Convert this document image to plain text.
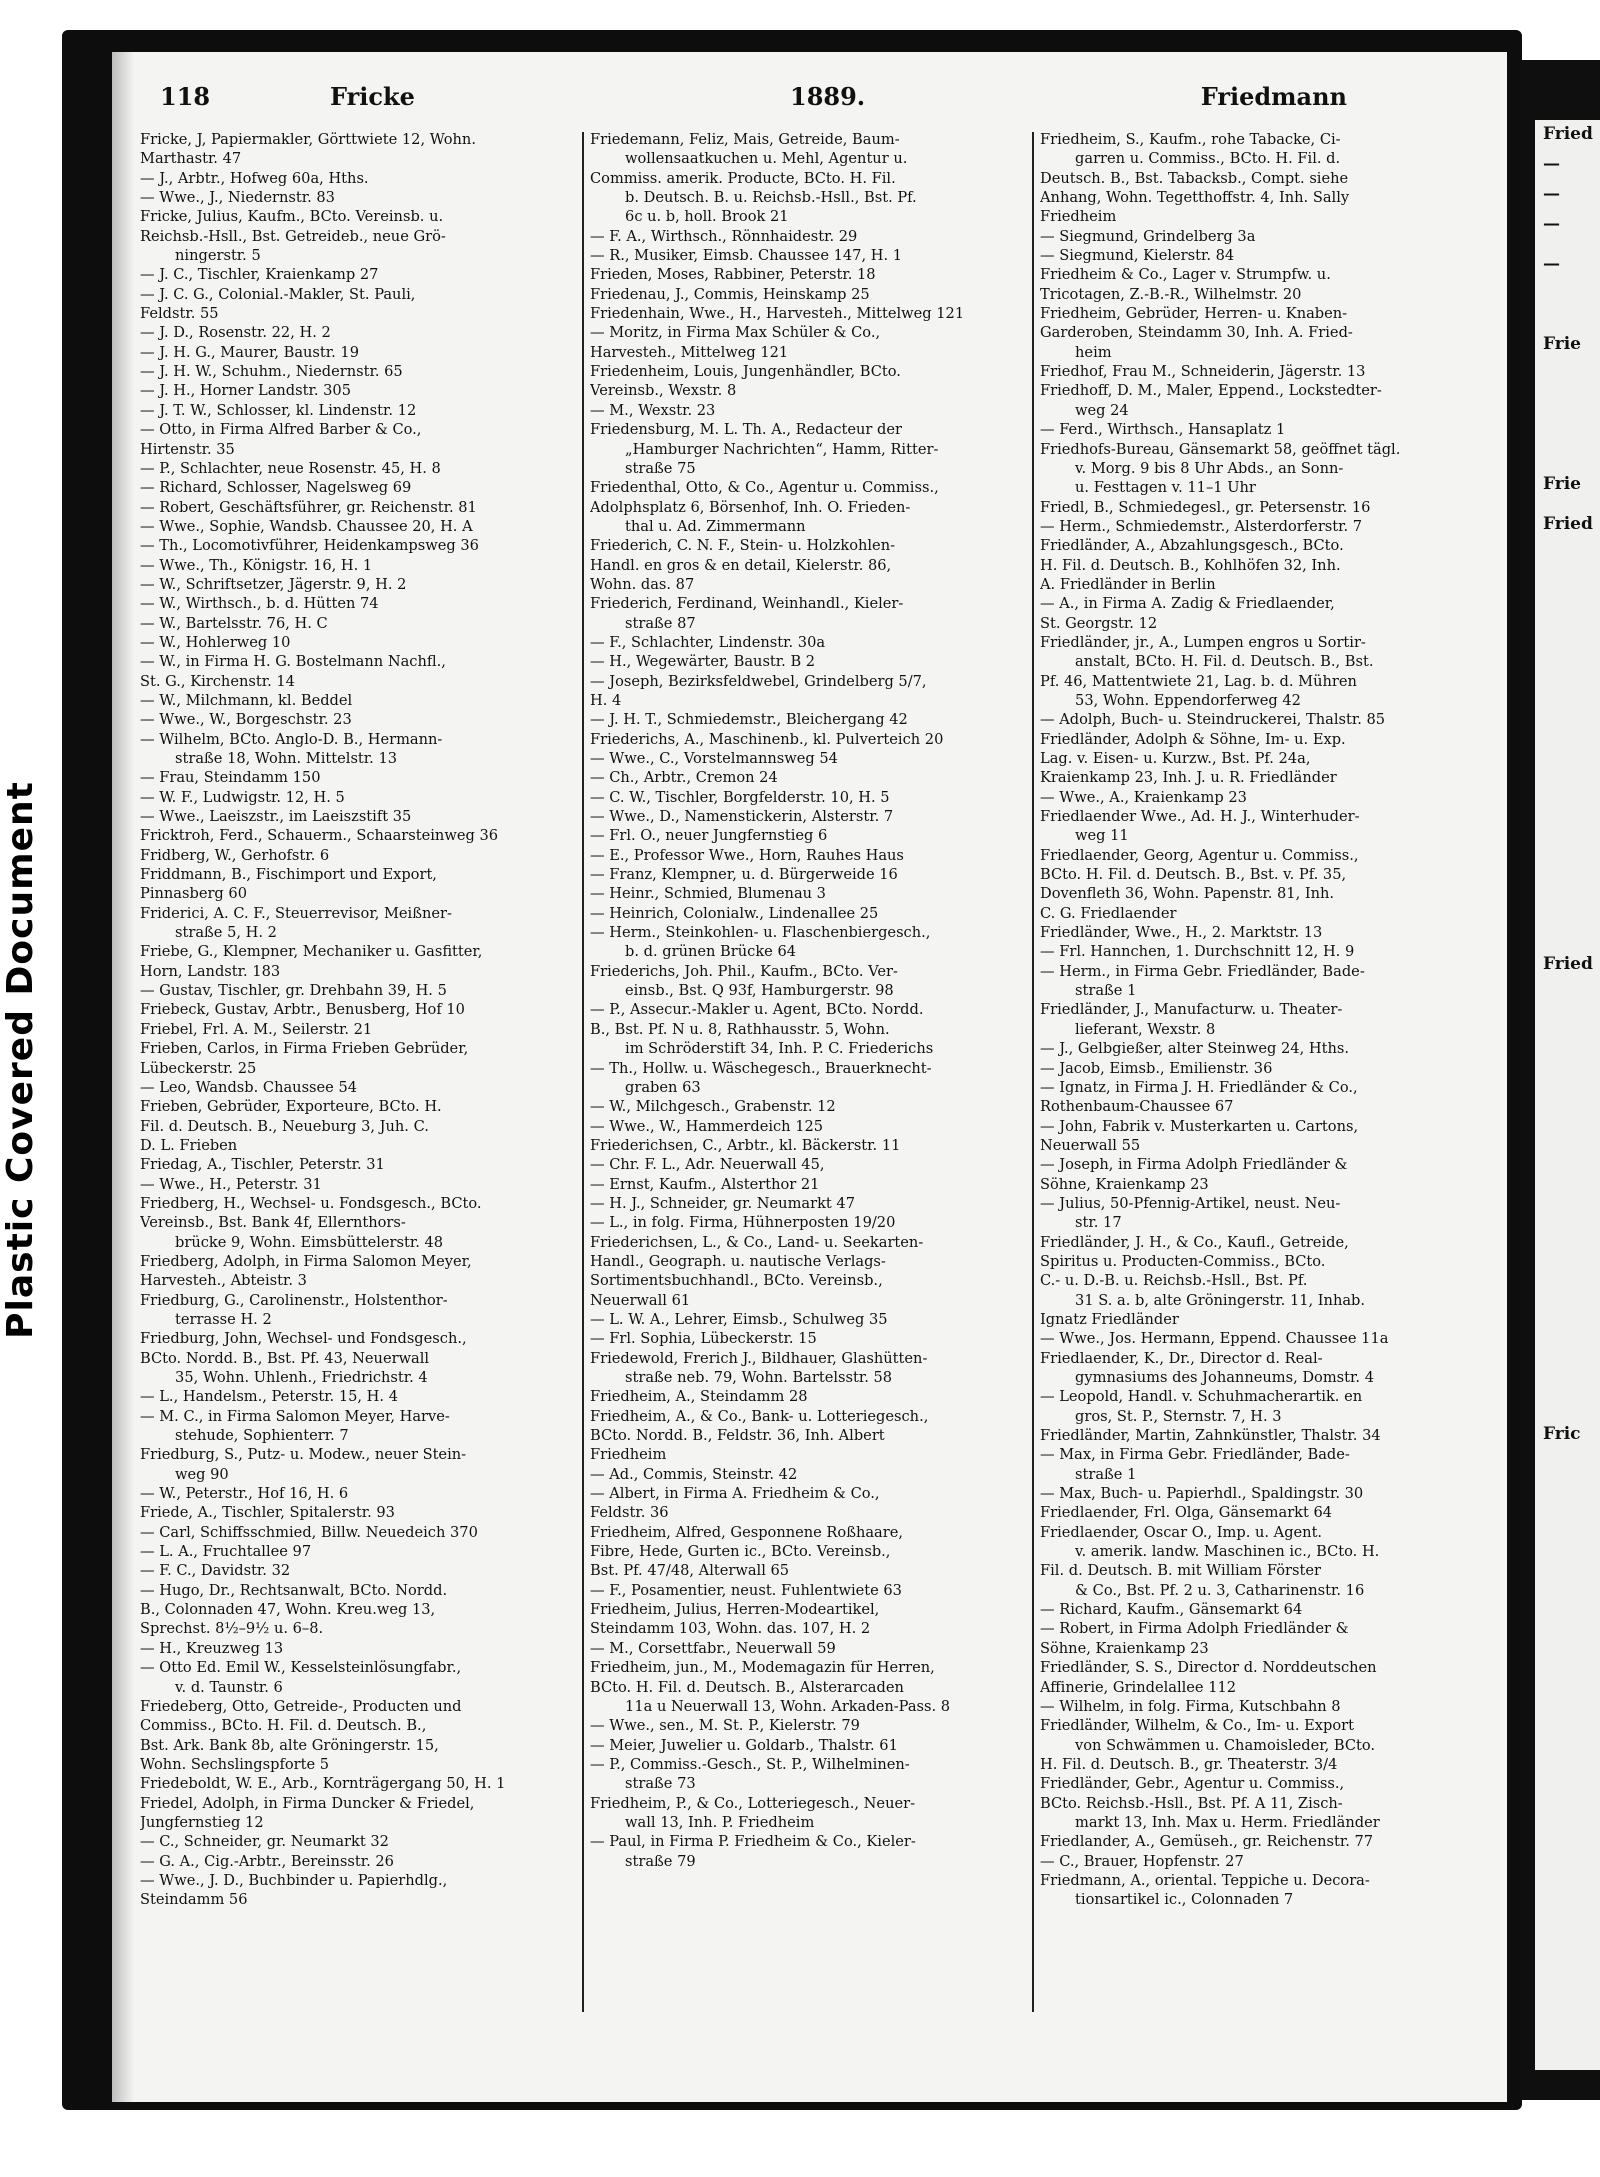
Fried
—
—
—
—
Frie
Frie
Fried
Fried
Fric
118	Fricke	1889.	Friedmann
Fricke, J, Papiermakler, Görttwiete 12, Wohn.
Marthastr. 47
— J., Arbtr., Hofweg 60a, Hths.
— Wwe., J., Niedernstr. 83
Fricke, Julius, Kaufm., BCto. Vereinsb. u.
Reichsb.-Hsll., Bst. Getreideb., neue Grö-
ningerstr. 5
— J. C., Tischler, Kraienkamp 27
— J. C. G., Colonial.-Makler, St. Pauli,
Feldstr. 55
— J. D., Rosenstr. 22, H. 2
— J. H. G., Maurer, Baustr. 19
— J. H. W., Schuhm., Niedernstr. 65
— J. H., Horner Landstr. 305
— J. T. W., Schlosser, kl. Lindenstr. 12
— Otto, in Firma Alfred Barber & Co.,
Hirtenstr. 35
— P., Schlachter, neue Rosenstr. 45, H. 8
— Richard, Schlosser, Nagelsweg 69
— Robert, Geschäftsführer, gr. Reichenstr. 81
— Wwe., Sophie, Wandsb. Chaussee 20, H. A
— Th., Locomotivführer, Heidenkampsweg 36
— Wwe., Th., Königstr. 16, H. 1
— W., Schriftsetzer, Jägerstr. 9, H. 2
— W., Wirthsch., b. d. Hütten 74
— W., Bartelsstr. 76, H. C
— W., Hohlerweg 10
— W., in Firma H. G. Bostelmann Nachfl.,
St. G., Kirchenstr. 14
— W., Milchmann, kl. Beddel
— Wwe., W., Borgeschstr. 23
— Wilhelm, BCto. Anglo-D. B., Hermann-
straße 18, Wohn. Mittelstr. 13
— Frau, Steindamm 150
— W. F., Ludwigstr. 12, H. 5
— Wwe., Laeiszstr., im Laeiszstift 35
Fricktroh, Ferd., Schauerm., Schaarsteinweg 36
Fridberg, W., Gerhofstr. 6
Friddmann, B., Fischimport und Export,
Pinnasberg 60
Friderici, A. C. F., Steuerrevisor, Meißner-
straße 5, H. 2
Friebe, G., Klempner, Mechaniker u. Gasfitter,
Horn, Landstr. 183
— Gustav, Tischler, gr. Drehbahn 39, H. 5
Friebeck, Gustav, Arbtr., Benusberg, Hof 10
Friebel, Frl. A. M., Seilerstr. 21
Frieben, Carlos, in Firma Frieben Gebrüder,
Lübeckerstr. 25
— Leo, Wandsb. Chaussee 54
Frieben, Gebrüder, Exporteure, BCto. H.
Fil. d. Deutsch. B., Neueburg 3, Juh. C.
D. L. Frieben
Friedag, A., Tischler, Peterstr. 31
— Wwe., H., Peterstr. 31
Friedberg, H., Wechsel- u. Fondsgesch., BCto.
Vereinsb., Bst. Bank 4f, Ellernthors-
brücke 9, Wohn. Eimsbüttelerstr. 48
Friedberg, Adolph, in Firma Salomon Meyer,
Harvesteh., Abteistr. 3
Friedburg, G., Carolinenstr., Holstenthor-
terrasse H. 2
Friedburg, John, Wechsel- und Fondsgesch.,
BCto. Nordd. B., Bst. Pf. 43, Neuerwall
35, Wohn. Uhlenh., Friedrichstr. 4
— L., Handelsm., Peterstr. 15, H. 4
— M. C., in Firma Salomon Meyer, Harve-
stehude, Sophienterr. 7
Friedburg, S., Putz- u. Modew., neuer Stein-
weg 90
— W., Peterstr., Hof 16, H. 6
Friede, A., Tischler, Spitalerstr. 93
— Carl, Schiffsschmied, Billw. Neuedeich 370
— L. A., Fruchtallee 97
— F. C., Davidstr. 32
— Hugo, Dr., Rechtsanwalt, BCto. Nordd.
B., Colonnaden 47, Wohn. Kreu.weg 13,
Sprechst. 8½–9½ u. 6–8.
— H., Kreuzweg 13
— Otto Ed. Emil W., Kesselsteinlösungfabr.,
v. d. Taunstr. 6
Friedeberg, Otto, Getreide-, Producten und
Commiss., BCto. H. Fil. d. Deutsch. B.,
Bst. Ark. Bank 8b, alte Gröningerstr. 15,
Wohn. Sechslingspforte 5
Friedeboldt, W. E., Arb., Kornträgergang 50, H. 1
Friedel, Adolph, in Firma Duncker & Friedel,
Jungfernstieg 12
— C., Schneider, gr. Neumarkt 32
— G. A., Cig.-Arbtr., Bereinsstr. 26
— Wwe., J. D., Buchbinder u. Papierhdlg.,
Steindamm 56
Friedemann, Feliz, Mais, Getreide, Baum-
wollensaatkuchen u. Mehl, Agentur u.
Commiss. amerik. Producte, BCto. H. Fil.
b. Deutsch. B. u. Reichsb.-Hsll., Bst. Pf.
6c u. b, holl. Brook 21
— F. A., Wirthsch., Rönnhaidestr. 29
— R., Musiker, Eimsb. Chaussee 147, H. 1
Frieden, Moses, Rabbiner, Peterstr. 18
Friedenau, J., Commis, Heinskamp 25
Friedenhain, Wwe., H., Harvesteh., Mittelweg 121
— Moritz, in Firma Max Schüler & Co.,
Harvesteh., Mittelweg 121
Friedenheim, Louis, Jungenhändler, BCto.
Vereinsb., Wexstr. 8
— M., Wexstr. 23
Friedensburg, M. L. Th. A., Redacteur der
„Hamburger Nachrichten“, Hamm, Ritter-
straße 75
Friedenthal, Otto, & Co., Agentur u. Commiss.,
Adolphsplatz 6, Börsenhof, Inh. O. Frieden-
thal u. Ad. Zimmermann
Friederich, C. N. F., Stein- u. Holzkohlen-
Handl. en gros & en detail, Kielerstr. 86,
Wohn. das. 87
Friederich, Ferdinand, Weinhandl., Kieler-
straße 87
— F., Schlachter, Lindenstr. 30a
— H., Wegewärter, Baustr. B 2
— Joseph, Bezirksfeldwebel, Grindelberg 5/7,
H. 4
— J. H. T., Schmiedemstr., Bleichergang 42
Friederichs, A., Maschinenb., kl. Pulverteich 20
— Wwe., C., Vorstelmannsweg 54
— Ch., Arbtr., Cremon 24
— C. W., Tischler, Borgfelderstr. 10, H. 5
— Wwe., D., Namenstickerin, Alsterstr. 7
— Frl. O., neuer Jungfernstieg 6
— E., Professor Wwe., Horn, Rauhes Haus
— Franz, Klempner, u. d. Bürgerweide 16
— Heinr., Schmied, Blumenau 3
— Heinrich, Colonialw., Lindenallee 25
— Herm., Steinkohlen- u. Flaschenbiergesch.,
b. d. grünen Brücke 64
Friederichs, Joh. Phil., Kaufm., BCto. Ver-
einsb., Bst. Q 93f, Hamburgerstr. 98
— P., Assecur.-Makler u. Agent, BCto. Nordd.
B., Bst. Pf. N u. 8, Rathhausstr. 5, Wohn.
im Schröderstift 34, Inh. P. C. Friederichs
— Th., Hollw. u. Wäschegesch., Brauerknecht-
graben 63
— W., Milchgesch., Grabenstr. 12
— Wwe., W., Hammerdeich 125
Friederichsen, C., Arbtr., kl. Bäckerstr. 11
— Chr. F. L., Adr. Neuerwall 45,
— Ernst, Kaufm., Alsterthor 21
— H. J., Schneider, gr. Neumarkt 47
— L., in folg. Firma, Hühnerposten 19/20
Friederichsen, L., & Co., Land- u. Seekarten-
Handl., Geograph. u. nautische Verlags-
Sortimentsbuchhandl., BCto. Vereinsb.,
Neuerwall 61
— L. W. A., Lehrer, Eimsb., Schulweg 35
— Frl. Sophia, Lübeckerstr. 15
Friedewold, Frerich J., Bildhauer, Glashütten-
straße neb. 79, Wohn. Bartelsstr. 58
Friedheim, A., Steindamm 28
Friedheim, A., & Co., Bank- u. Lotteriegesch.,
BCto. Nordd. B., Feldstr. 36, Inh. Albert
Friedheim
— Ad., Commis, Steinstr. 42
— Albert, in Firma A. Friedheim & Co.,
Feldstr. 36
Friedheim, Alfred, Gesponnene Roßhaare,
Fibre, Hede, Gurten ic., BCto. Vereinsb.,
Bst. Pf. 47/48, Alterwall 65
— F., Posamentier, neust. Fuhlentwiete 63
Friedheim, Julius, Herren-Modeartikel,
Steindamm 103, Wohn. das. 107, H. 2
— M., Corsettfabr., Neuerwall 59
Friedheim, jun., M., Modemagazin für Herren,
BCto. H. Fil. d. Deutsch. B., Alsterarcaden
11a u Neuerwall 13, Wohn. Arkaden-Pass. 8
— Wwe., sen., M. St. P., Kielerstr. 79
— Meier, Juwelier u. Goldarb., Thalstr. 61
— P., Commiss.-Gesch., St. P., Wilhelminen-
straße 73
Friedheim, P., & Co., Lotteriegesch., Neuer-
wall 13, Inh. P. Friedheim
— Paul, in Firma P. Friedheim & Co., Kieler-
straße 79
Friedheim, S., Kaufm., rohe Tabacke, Ci-
garren u. Commiss., BCto. H. Fil. d.
Deutsch. B., Bst. Tabacksb., Compt. siehe
Anhang, Wohn. Tegetthoffstr. 4, Inh. Sally
Friedheim
— Siegmund, Grindelberg 3a
— Siegmund, Kielerstr. 84
Friedheim & Co., Lager v. Strumpfw. u.
Tricotagen, Z.-B.-R., Wilhelmstr. 20
Friedheim, Gebrüder, Herren- u. Knaben-
Garderoben, Steindamm 30, Inh. A. Fried-
heim
Friedhof, Frau M., Schneiderin, Jägerstr. 13
Friedhoff, D. M., Maler, Eppend., Lockstedter-
weg 24
— Ferd., Wirthsch., Hansaplatz 1
Friedhofs-Bureau, Gänsemarkt 58, geöffnet tägl.
v. Morg. 9 bis 8 Uhr Abds., an Sonn-
u. Festtagen v. 11–1 Uhr
Friedl, B., Schmiedegesl., gr. Petersenstr. 16
— Herm., Schmiedemstr., Alsterdorferstr. 7
Friedländer, A., Abzahlungsgesch., BCto.
H. Fil. d. Deutsch. B., Kohlhöfen 32, Inh.
A. Friedländer in Berlin
— A., in Firma A. Zadig & Friedlaender,
St. Georgstr. 12
Friedländer, jr., A., Lumpen engros u Sortir-
anstalt, BCto. H. Fil. d. Deutsch. B., Bst.
Pf. 46, Mattentwiete 21, Lag. b. d. Mühren
53, Wohn. Eppendorferweg 42
— Adolph, Buch- u. Steindruckerei, Thalstr. 85
Friedländer, Adolph & Söhne, Im- u. Exp.
Lag. v. Eisen- u. Kurzw., Bst. Pf. 24a,
Kraienkamp 23, Inh. J. u. R. Friedländer
— Wwe., A., Kraienkamp 23
Friedlaender Wwe., Ad. H. J., Winterhuder-
weg 11
Friedlaender, Georg, Agentur u. Commiss.,
BCto. H. Fil. d. Deutsch. B., Bst. v. Pf. 35,
Dovenfleth 36, Wohn. Papenstr. 81, Inh.
C. G. Friedlaender
Friedländer, Wwe., H., 2. Marktstr. 13
— Frl. Hannchen, 1. Durchschnitt 12, H. 9
— Herm., in Firma Gebr. Friedländer, Bade-
straße 1
Friedländer, J., Manufacturw. u. Theater-
lieferant, Wexstr. 8
— J., Gelbgießer, alter Steinweg 24, Hths.
— Jacob, Eimsb., Emilienstr. 36
— Ignatz, in Firma J. H. Friedländer & Co.,
Rothenbaum-Chaussee 67
— John, Fabrik v. Musterkarten u. Cartons,
Neuerwall 55
— Joseph, in Firma Adolph Friedländer &
Söhne, Kraienkamp 23
— Julius, 50-Pfennig-Artikel, neust. Neu-
str. 17
Friedländer, J. H., & Co., Kaufl., Getreide,
Spiritus u. Producten-Commiss., BCto.
C.- u. D.-B. u. Reichsb.-Hsll., Bst. Pf.
31 S. a. b, alte Gröningerstr. 11, Inhab.
Ignatz Friedländer
— Wwe., Jos. Hermann, Eppend. Chaussee 11a
Friedlaender, K., Dr., Director d. Real-
gymnasiums des Johanneums, Domstr. 4
— Leopold, Handl. v. Schuhmacherartik. en
gros, St. P., Sternstr. 7, H. 3
Friedländer, Martin, Zahnkünstler, Thalstr. 34
— Max, in Firma Gebr. Friedländer, Bade-
straße 1
— Max, Buch- u. Papierhdl., Spaldingstr. 30
Friedlaender, Frl. Olga, Gänsemarkt 64
Friedlaender, Oscar O., Imp. u. Agent.
v. amerik. landw. Maschinen ic., BCto. H.
Fil. d. Deutsch. B. mit William Förster
& Co., Bst. Pf. 2 u. 3, Catharinenstr. 16
— Richard, Kaufm., Gänsemarkt 64
— Robert, in Firma Adolph Friedländer &
Söhne, Kraienkamp 23
Friedländer, S. S., Director d. Norddeutschen
Affinerie, Grindelallee 112
— Wilhelm, in folg. Firma, Kutschbahn 8
Friedländer, Wilhelm, & Co., Im- u. Export
von Schwämmen u. Chamoisleder, BCto.
H. Fil. d. Deutsch. B., gr. Theaterstr. 3/4
Friedländer, Gebr., Agentur u. Commiss.,
BCto. Reichsb.-Hsll., Bst. Pf. A 11, Zisch-
markt 13, Inh. Max u. Herm. Friedländer
Friedlander, A., Gemüseh., gr. Reichenstr. 77
— C., Brauer, Hopfenstr. 27
Friedmann, A., oriental. Teppiche u. Decora-
tionsartikel ic., Colonnaden 7
Plastic Covered Document
